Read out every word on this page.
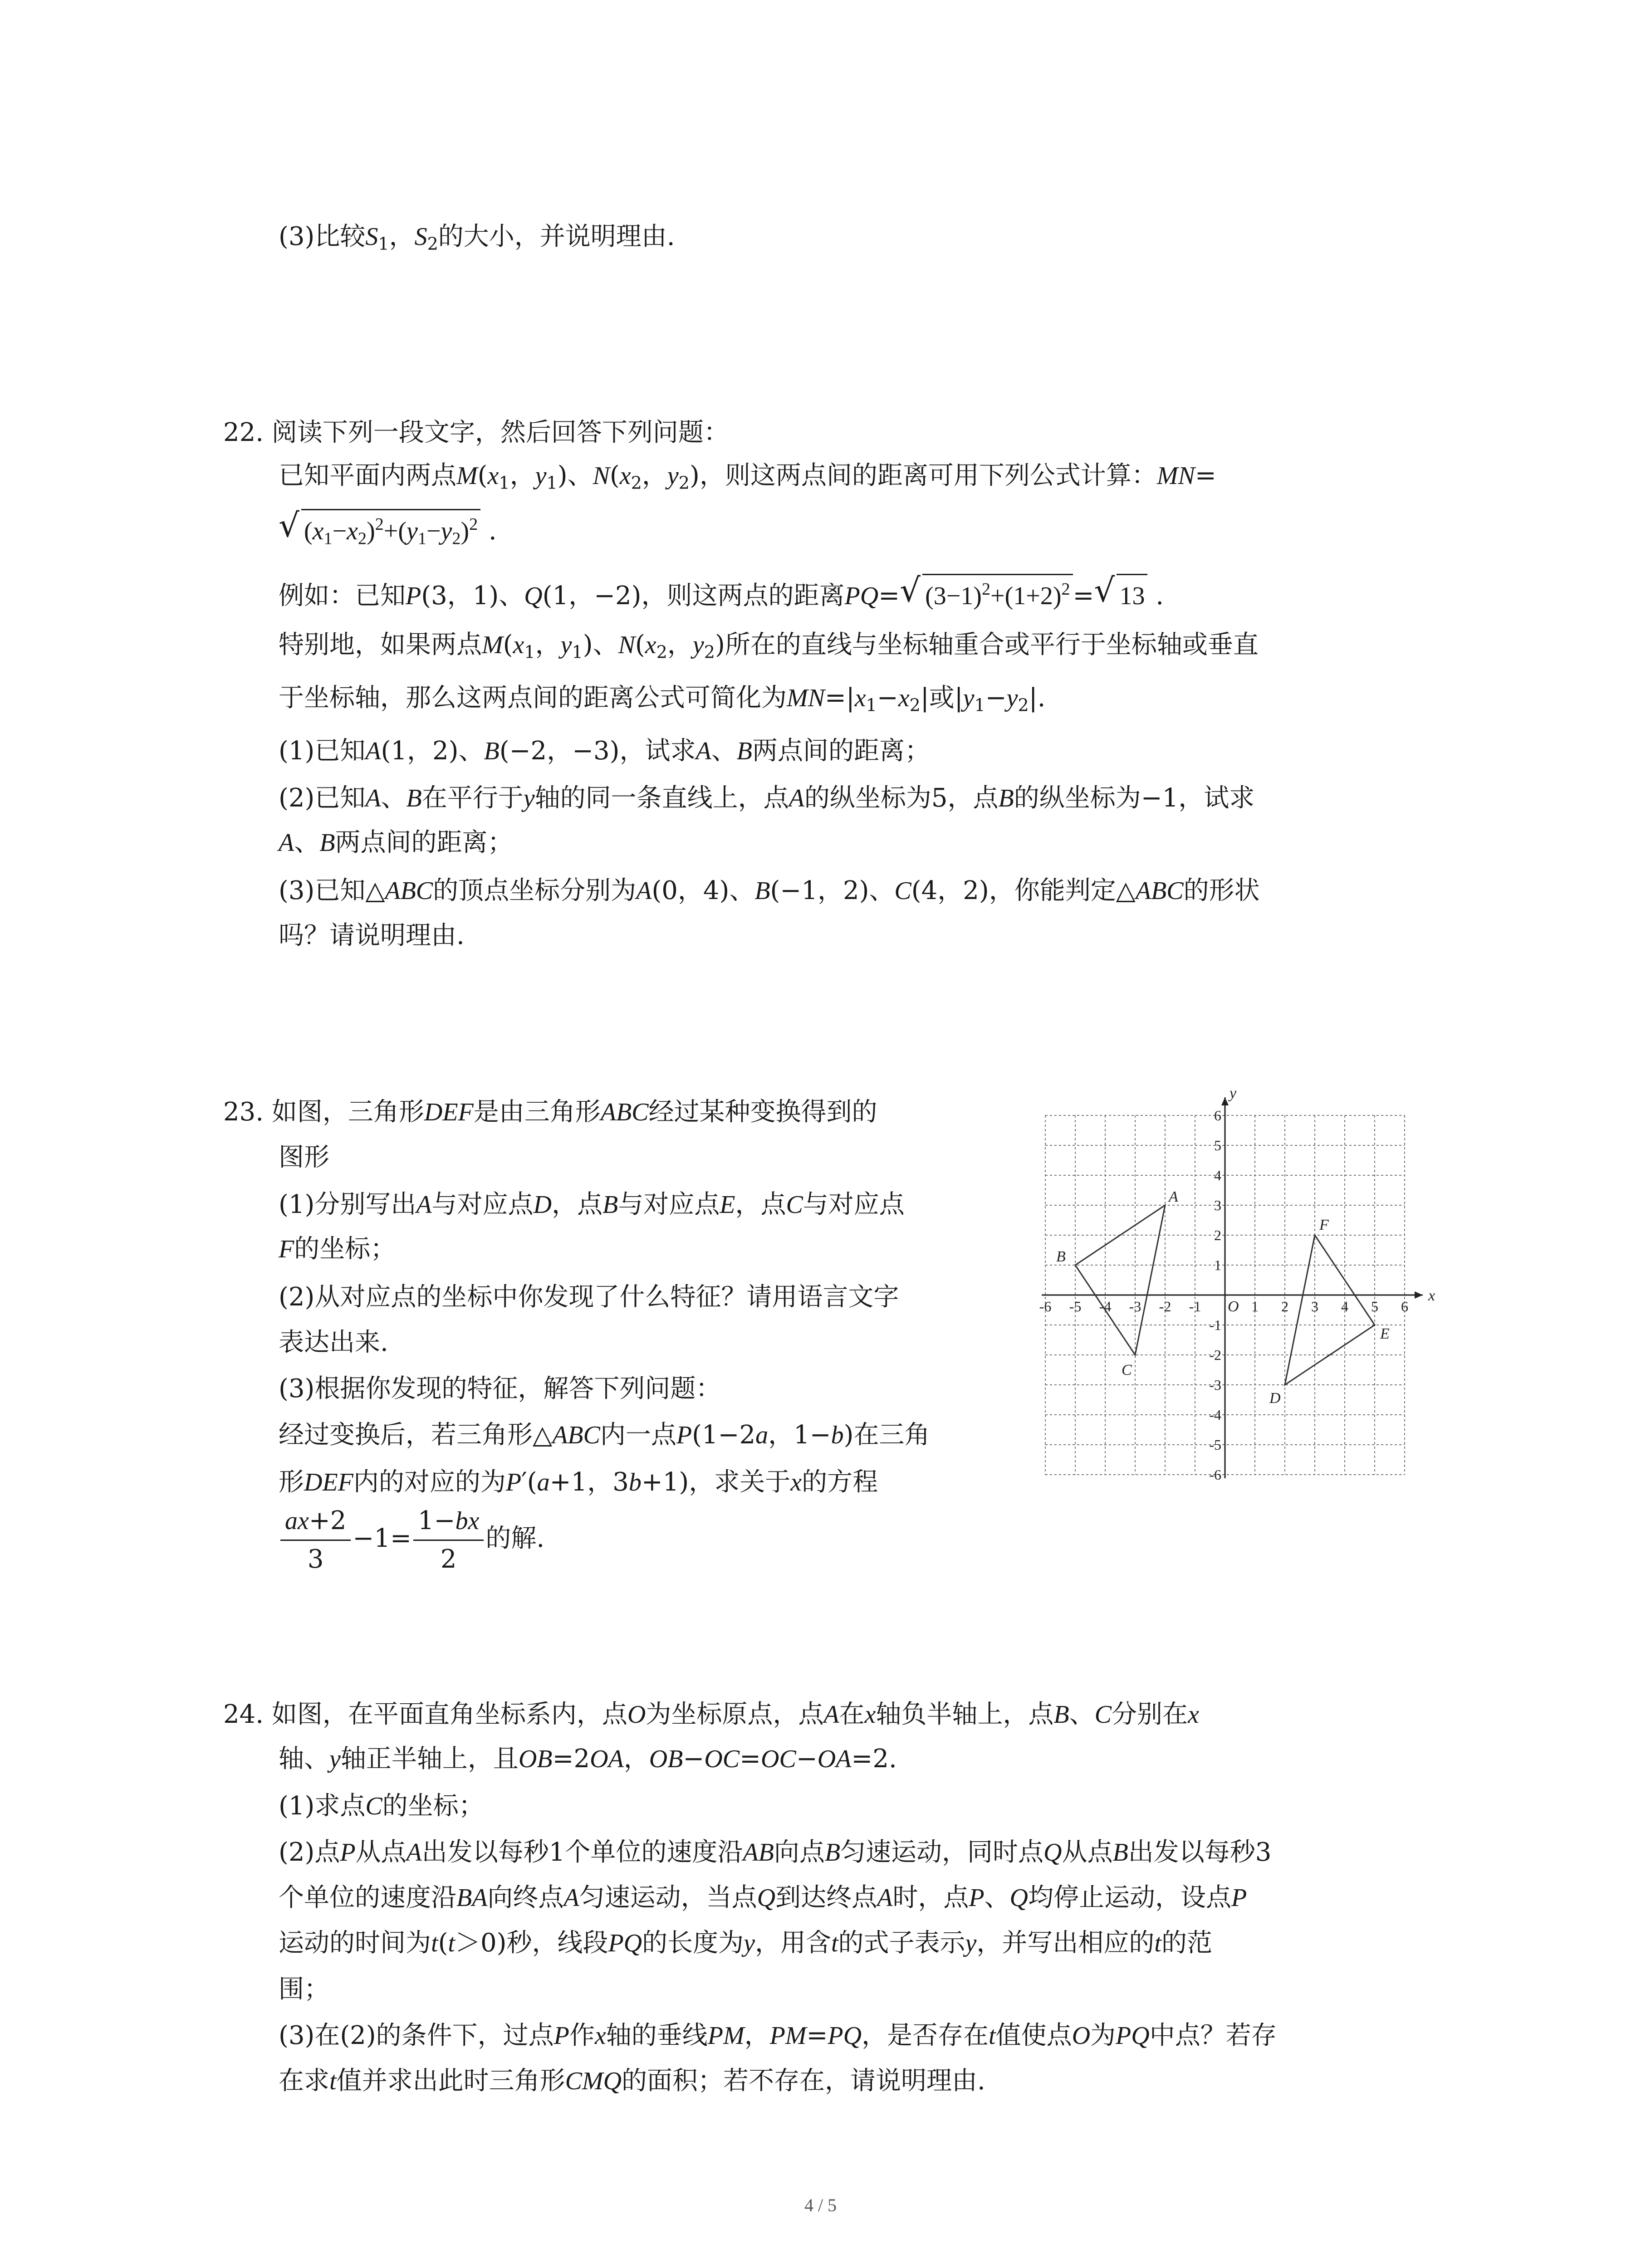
(3)比较$S_1$，$S_2$的大小，并说明理由.
22. 阅读下列一段文字，然后回答下列问题：
已知平面内两点$M(x_1$，$y_1$)、$N(x_2$，$y_2$)，则这两点间的距离可用下列公式计算：MN=
√ $(x_1-x_2)^2+(y_1-y_2)^2$ .
例如：已知P(3，1)、Q(1，−2)，则这两点的距离PQ= √ $(3-1)^2+(1+2)^2$ = √ 13 .
特别地，如果两点$M(x_1$，$y_1$)、$N(x_2$，$y_2$)所在的直线与坐标轴重合或平行于坐标轴或垂直
于坐标轴，那么这两点间的距离公式可简化为$MN=|x_1-x_2|$或$|y_1-y_2|$.
(1)已知A(1，2)、B(−2，−3)，试求A、B两点间的距离；
(2)已知A、B在平行于y轴的同一条直线上，点A的纵坐标为5，点B的纵坐标为−1，试求
A、B两点间的距离；
(3)已知△ABC的顶点坐标分别为A(0，4)、B(−1，2)、C(4，2)，你能判定△ABC的形状
吗？请说明理由.
23. 如图，三角形DEF是由三角形ABC经过某种变换得到的
图形
(1)分别写出A与对应点D，点B与对应点E，点C与对应点
F的坐标；
(2)从对应点的坐标中你发现了什么特征？请用语言文字
表达出来.
(3)根据你发现的特征，解答下列问题：
经过变换后，若三角形△ABC内一点P(1−2a，1−b)在三角
形DEF内的对应的为P′(a+1，3b+1)，求关于x的方程
$\frac{ax+2}{3} -1= \frac{1-bx}{2}$ 的解.
x
y
O
-6 -5 -4 -3 -2 -1	1 2 3 4 5 6
6
5
4
3
2
1
-1
-2
-3
-4
-5
-6
A
B
C
D
E
F
24. 如图，在平面直角坐标系内，点O为坐标原点，点A在x轴负半轴上，点B、C分别在x
轴、y轴正半轴上，且OB=2OA，OB−OC=OC−OA=2.
(1)求点C的坐标；
(2)点P从点A出发以每秒1个单位的速度沿AB向点B匀速运动，同时点Q从点B出发以每秒3
个单位的速度沿BA向终点A匀速运动，当点Q到达终点A时，点P、Q均停止运动，设点P
运动的时间为t(t＞0)秒，线段PQ的长度为y，用含t的式子表示y，并写出相应的t的范
围；
(3)在(2)的条件下，过点P作x轴的垂线PM，PM=PQ，是否存在t值使点O为PQ中点？若存
在求t值并求出此时三角形CMQ的面积；若不存在，请说明理由.
4 / 5
